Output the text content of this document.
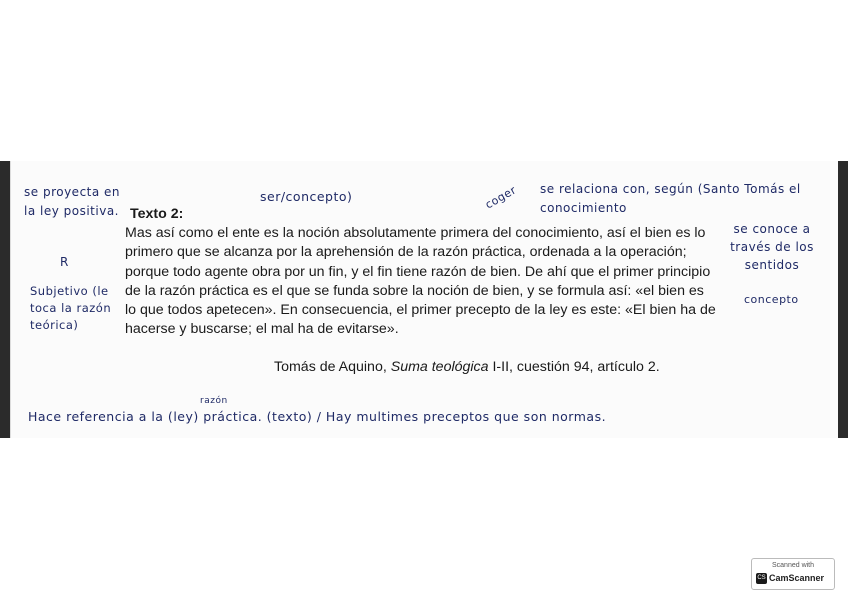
Texto 2:

Mas así como el ente es la noción absolutamente primera del conocimiento, así el bien es lo primero que se alcanza por la aprehensión de la razón práctica, ordenada a la operación; porque todo agente obra por un fin, y el fin tiene razón de bien. De ahí que el primer principio de la razón práctica es el que se funda sobre la noción de bien, y se formula así: «el bien es lo que todos apetecen». En consecuencia, el primer precepto de la ley es este: «El bien ha de hacerse y buscarse; el mal ha de evitarse».

Tomás de Aquino, Suma teológica I-II, cuestión 94, artículo 2.
se proyecta en la ley positiva.
R
Subjetivo (le toca la razón teórica)
ser/concepto)	coger se relaciona con, según (Santo Tomás el conocimiento
se conoce a través de los sentidos
concepto
razón
Hace referencia a la (ley) práctica. (texto) / Hay multimes preceptos que son normas.
Scanned with
CS CamScanner
